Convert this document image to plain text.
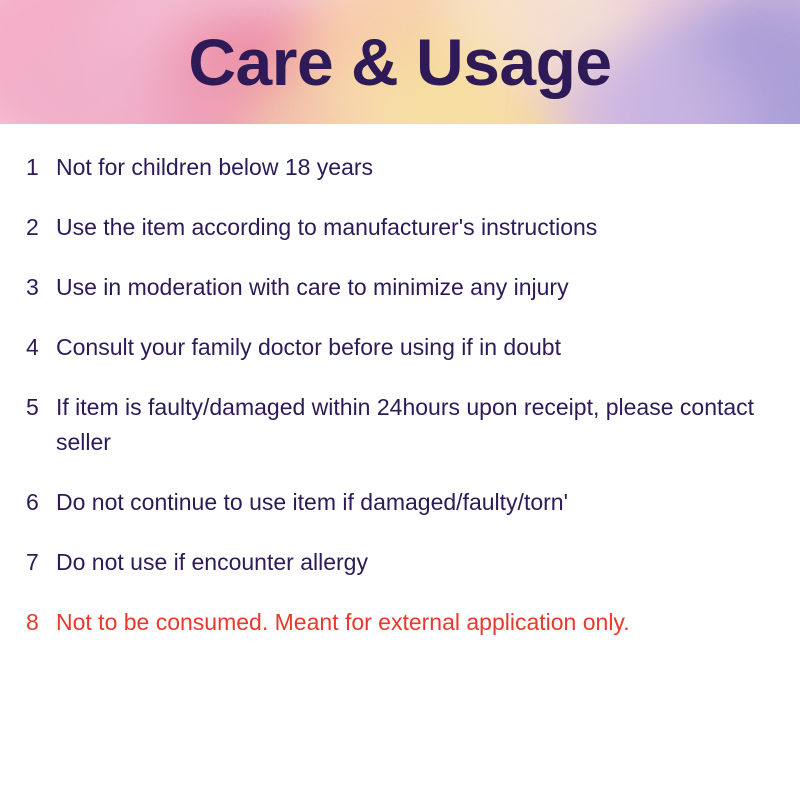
Care & Usage
1 Not for children below 18 years
2 Use the item according to manufacturer's instructions
3 Use in moderation with care to minimize any injury
4 Consult your family doctor before using if in doubt
5 If item is faulty/damaged within 24hours upon receipt, please contact seller
6 Do not continue to use item if damaged/faulty/torn'
7 Do not use if encounter allergy
8 Not to be consumed. Meant for external application only.
